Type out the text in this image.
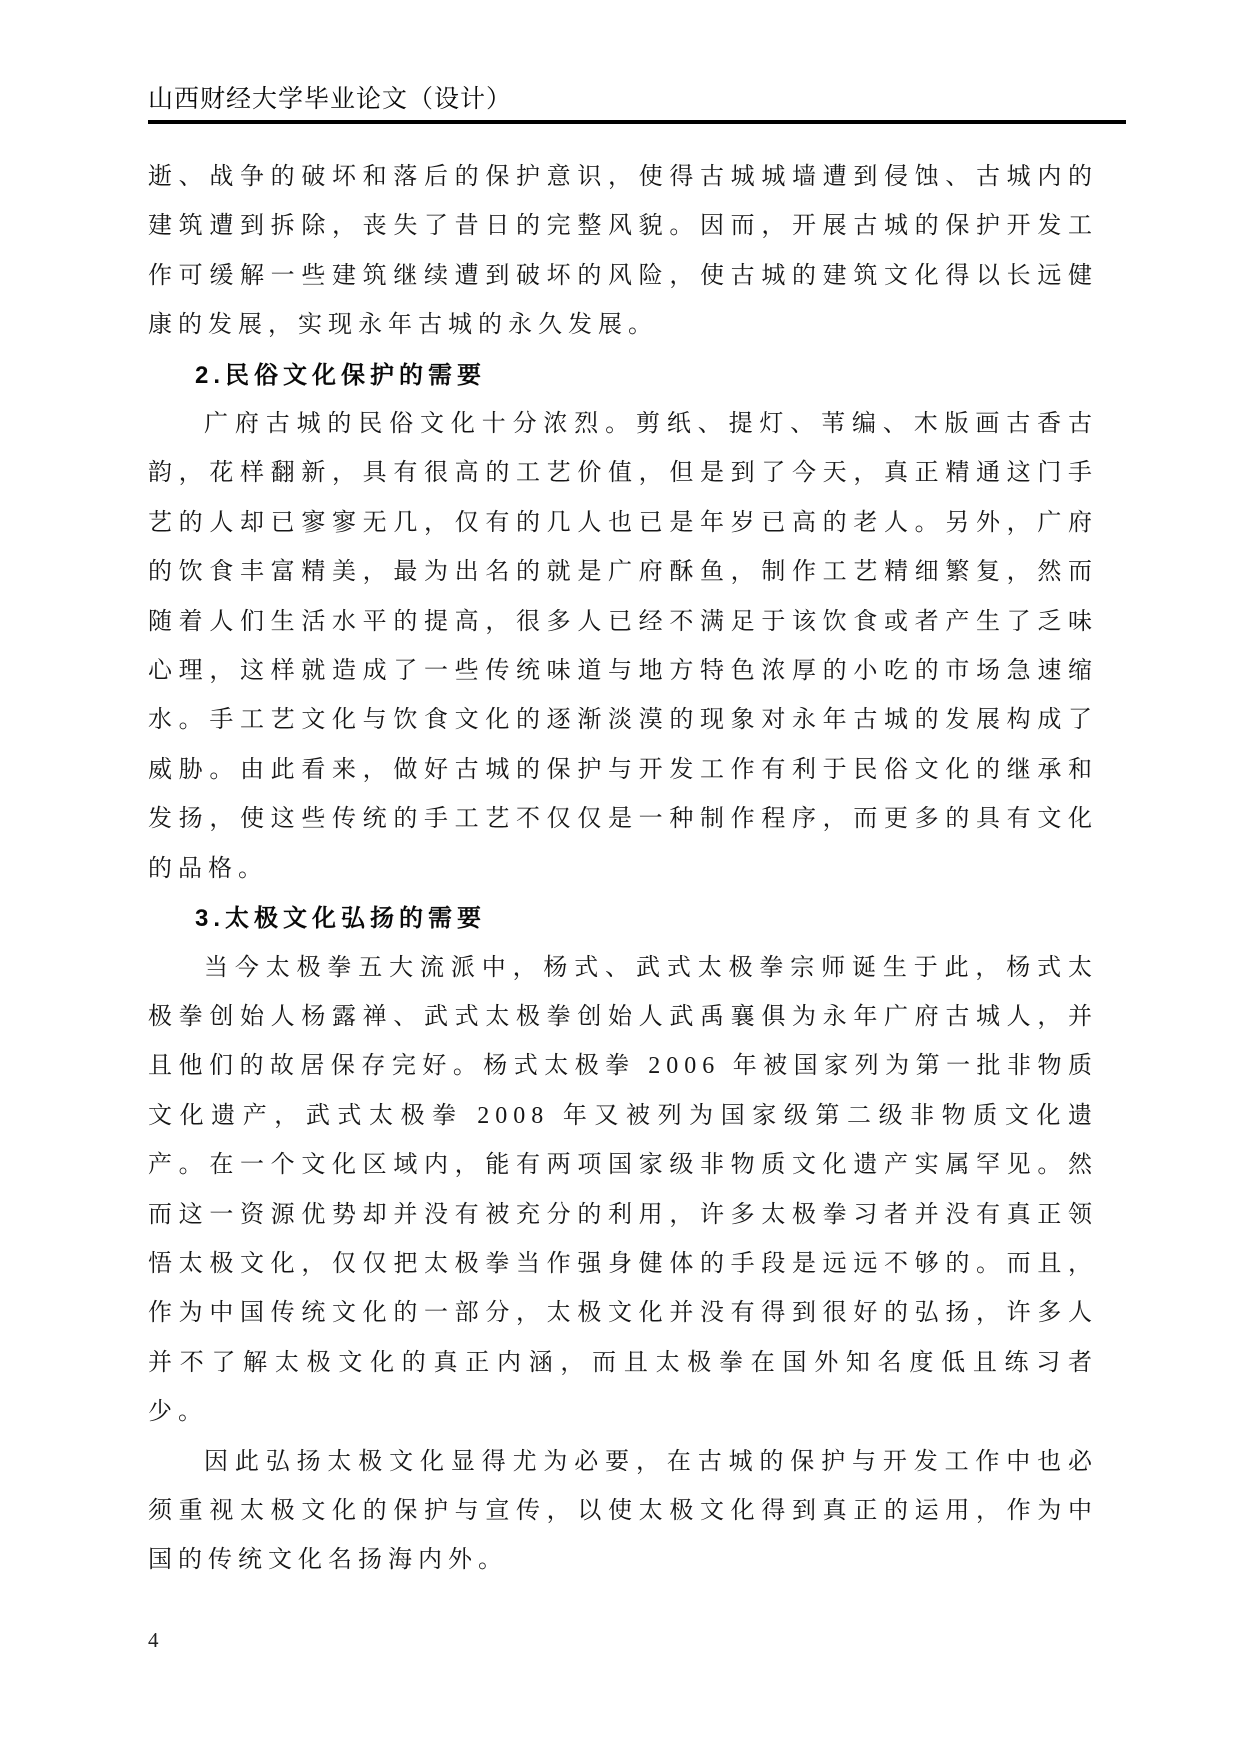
山西财经大学毕业论文（设计）

逝、战争的破坏和落后的保护意识，使得古城城墙遭到侵蚀、古城内的建筑遭到拆除，丧失了昔日的完整风貌。因而，开展古城的保护开发工作可缓解一些建筑继续遭到破坏的风险，使古城的建筑文化得以长远健康的发展，实现永年古城的永久发展。

2.民俗文化保护的需要

广府古城的民俗文化十分浓烈。剪纸、提灯、苇编、木版画古香古韵，花样翻新，具有很高的工艺价值，但是到了今天，真正精通这门手艺的人却已寥寥无几，仅有的几人也已是年岁已高的老人。另外，广府的饮食丰富精美，最为出名的就是广府酥鱼，制作工艺精细繁复，然而随着人们生活水平的提高，很多人已经不满足于该饮食或者产生了乏味心理，这样就造成了一些传统味道与地方特色浓厚的小吃的市场急速缩水。手工艺文化与饮食文化的逐渐淡漠的现象对永年古城的发展构成了威胁。由此看来，做好古城的保护与开发工作有利于民俗文化的继承和发扬，使这些传统的手工艺不仅仅是一种制作程序，而更多的具有文化的品格。

3.太极文化弘扬的需要

当今太极拳五大流派中，杨式、武式太极拳宗师诞生于此，杨式太极拳创始人杨露禅、武式太极拳创始人武禹襄俱为永年广府古城人，并且他们的故居保存完好。杨式太极拳 2006 年被国家列为第一批非物质文化遗产，武式太极拳 2008 年又被列为国家级第二级非物质文化遗产。在一个文化区域内，能有两项国家级非物质文化遗产实属罕见。然而这一资源优势却并没有被充分的利用，许多太极拳习者并没有真正领悟太极文化，仅仅把太极拳当作强身健体的手段是远远不够的。而且，作为中国传统文化的一部分，太极文化并没有得到很好的弘扬，许多人并不了解太极文化的真正内涵，而且太极拳在国外知名度低且练习者少。

因此弘扬太极文化显得尤为必要，在古城的保护与开发工作中也必须重视太极文化的保护与宣传，以使太极文化得到真正的运用，作为中国的传统文化名扬海内外。

4
